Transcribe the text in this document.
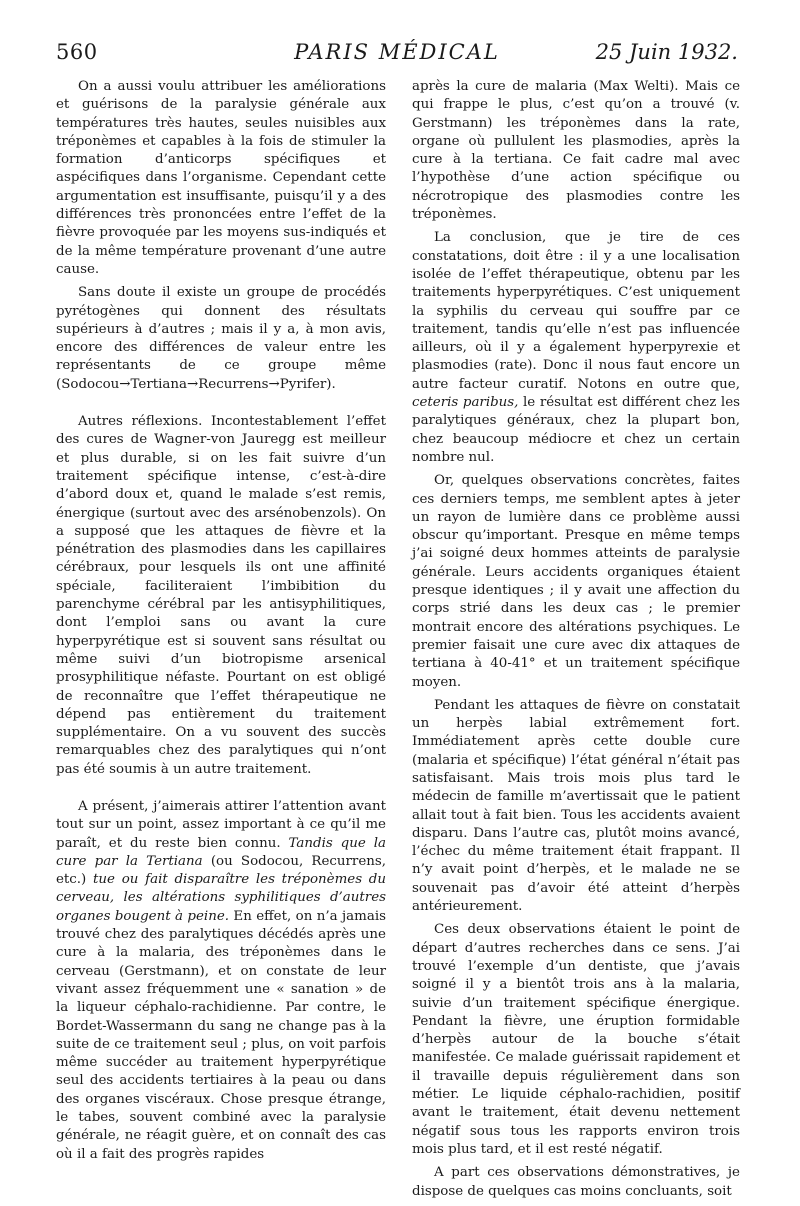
560	PARIS MÉDICAL	25 Juin 1932.

On a aussi voulu attribuer les améliorations et guérisons de la paralysie générale aux températures très hautes, seules nuisibles aux tréponèmes et capables à la fois de stimuler la formation d’anticorps spécifiques et aspécifiques dans l’organisme. Cependant cette argumentation est insuffisante, puisqu’il y a des différences très prononcées entre l’effet de la fièvre provoquée par les moyens sus-indiqués et de la même température provenant d’une autre cause.

Sans doute il existe un groupe de procédés pyrétogènes qui donnent des résultats supérieurs à d’autres ; mais il y a, à mon avis, encore des différences de valeur entre les représentants de ce groupe même (Sodocou→Tertiana→Recurrens→Pyrifer).

Autres réflexions. Incontestablement l’effet des cures de Wagner-von Jauregg est meilleur et plus durable, si on les fait suivre d’un traitement spécifique intense, c’est-à-dire d’abord doux et, quand le malade s’est remis, énergique (surtout avec des arsénobenzols). On a supposé que les attaques de fièvre et la pénétration des plasmodies dans les capillaires cérébraux, pour lesquels ils ont une affinité spéciale, faciliteraient l’imbibition du parenchyme cérébral par les antisyphilitiques, dont l’emploi sans ou avant la cure hyperpyrétique est si souvent sans résultat ou même suivi d’un biotropisme arsenical prosyphilitique néfaste. Pourtant on est obligé de reconnaître que l’effet thérapeutique ne dépend pas entièrement du traitement supplémentaire. On a vu souvent des succès remarquables chez des paralytiques qui n’ont pas été soumis à un autre traitement.

A présent, j’aimerais attirer l’attention avant tout sur un point, assez important à ce qu’il me paraît, et du reste bien connu. Tandis que la cure par la Tertiana (ou Sodocou, Recurrens, etc.) tue ou fait disparaître les tréponèmes du cerveau, les altérations syphilitiques d’autres organes bougent à peine. En effet, on n’a jamais trouvé chez des paralytiques décédés après une cure à la malaria, des tréponèmes dans le cerveau (Gerstmann), et on constate de leur vivant assez fréquemment une « sanation » de la liqueur céphalo-rachidienne. Par contre, le Bordet-Wassermann du sang ne change pas à la suite de ce traitement seul ; plus, on voit parfois même succéder au traitement hyperpyrétique seul des accidents tertiaires à la peau ou dans des organes viscéraux. Chose presque étrange, le tabes, souvent combiné avec la paralysie générale, ne réagit guère, et on connaît des cas où il a fait des progrès rapides

après la cure de malaria (Max Welti). Mais ce qui frappe le plus, c’est qu’on a trouvé (v. Gerstmann) les tréponèmes dans la rate, organe où pullulent les plasmodies, après la cure à la tertiana. Ce fait cadre mal avec l’hypothèse d’une action spécifique ou nécrotropique des plasmodies contre les tréponèmes.

La conclusion, que je tire de ces constatations, doit être : il y a une localisation isolée de l’effet thérapeutique, obtenu par les traitements hyperpyrétiques. C’est uniquement la syphilis du cerveau qui souffre par ce traitement, tandis qu’elle n’est pas influencée ailleurs, où il y a également hyperpyrexie et plasmodies (rate). Donc il nous faut encore un autre facteur curatif. Notons en outre que, ceteris paribus, le résultat est différent chez les paralytiques généraux, chez la plupart bon, chez beaucoup médiocre et chez un certain nombre nul.

Or, quelques observations concrètes, faites ces derniers temps, me semblent aptes à jeter un rayon de lumière dans ce problème aussi obscur qu’important. Presque en même temps j’ai soigné deux hommes atteints de paralysie générale. Leurs accidents organiques étaient presque identiques ; il y avait une affection du corps strié dans les deux cas ; le premier montrait encore des altérations psychiques. Le premier faisait une cure avec dix attaques de tertiana à 40-41° et un traitement spécifique moyen.

Pendant les attaques de fièvre on constatait un herpès labial extrêmement fort. Immédiatement après cette double cure (malaria et spécifique) l’état général n’était pas satisfaisant. Mais trois mois plus tard le médecin de famille m’avertissait que le patient allait tout à fait bien. Tous les accidents avaient disparu. Dans l’autre cas, plutôt moins avancé, l’échec du même traitement était frappant. Il n’y avait point d’herpès, et le malade ne se souvenait pas d’avoir été atteint d’herpès antérieurement.

Ces deux observations étaient le point de départ d’autres recherches dans ce sens. J’ai trouvé l’exemple d’un dentiste, que j’avais soigné il y a bientôt trois ans à la malaria, suivie d’un traitement spécifique énergique. Pendant la fièvre, une éruption formidable d’herpès autour de la bouche s’était manifestée. Ce malade guérissait rapidement et il travaille depuis régulièrement dans son métier. Le liquide céphalo-rachidien, positif avant le traitement, était devenu nettement négatif sous tous les rapports environ trois mois plus tard, et il est resté négatif.

A part ces observations démonstratives, je dispose de quelques cas moins concluants, soit
